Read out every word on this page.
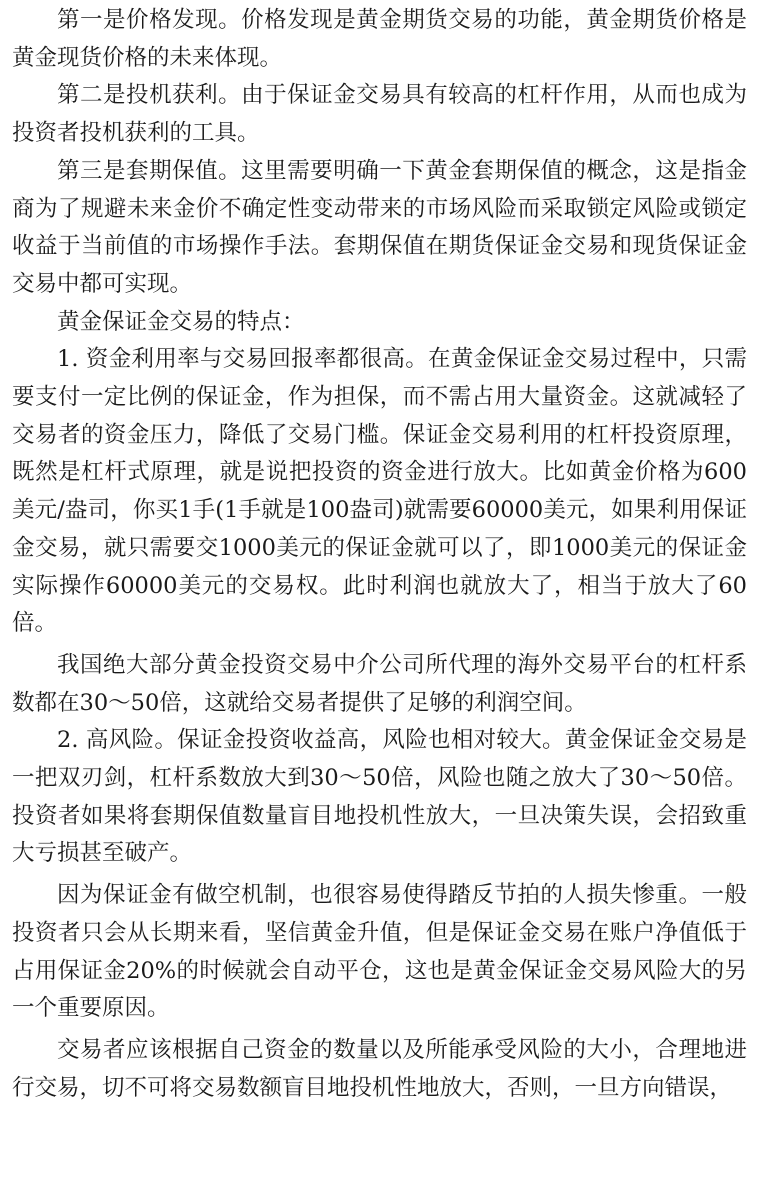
第一是价格发现。价格发现是黄金期货交易的功能，黄金期货价格是黄金现货价格的未来体现。

第二是投机获利。由于保证金交易具有较高的杠杆作用，从而也成为投资者投机获利的工具。

第三是套期保值。这里需要明确一下黄金套期保值的概念，这是指金商为了规避未来金价不确定性变动带来的市场风险而采取锁定风险或锁定收益于当前值的市场操作手法。套期保值在期货保证金交易和现货保证金交易中都可实现。

黄金保证金交易的特点：

1. 资金利用率与交易回报率都很高。在黄金保证金交易过程中，只需要支付一定比例的保证金，作为担保，而不需占用大量资金。这就减轻了交易者的资金压力，降低了交易门槛。保证金交易利用的杠杆投资原理，既然是杠杆式原理，就是说把投资的资金进行放大。比如黄金价格为600美元/盎司，你买1手(1手就是100盎司)就需要60000美元，如果利用保证金交易，就只需要交1000美元的保证金就可以了，即1000美元的保证金实际操作60000美元的交易权。此时利润也就放大了，相当于放大了60倍。

我国绝大部分黄金投资交易中介公司所代理的海外交易平台的杠杆系数都在30～50倍，这就给交易者提供了足够的利润空间。

2. 高风险。保证金投资收益高，风险也相对较大。黄金保证金交易是一把双刃剑，杠杆系数放大到30～50倍，风险也随之放大了30～50倍。投资者如果将套期保值数量盲目地投机性放大，一旦决策失误，会招致重大亏损甚至破产。

因为保证金有做空机制，也很容易使得踏反节拍的人损失惨重。一般投资者只会从长期来看，坚信黄金升值，但是保证金交易在账户净值低于占用保证金20%的时候就会自动平仓，这也是黄金保证金交易风险大的另一个重要原因。

交易者应该根据自己资金的数量以及所能承受风险的大小，合理地进行交易，切不可将交易数额盲目地投机性地放大，否则，一旦方向错误，
